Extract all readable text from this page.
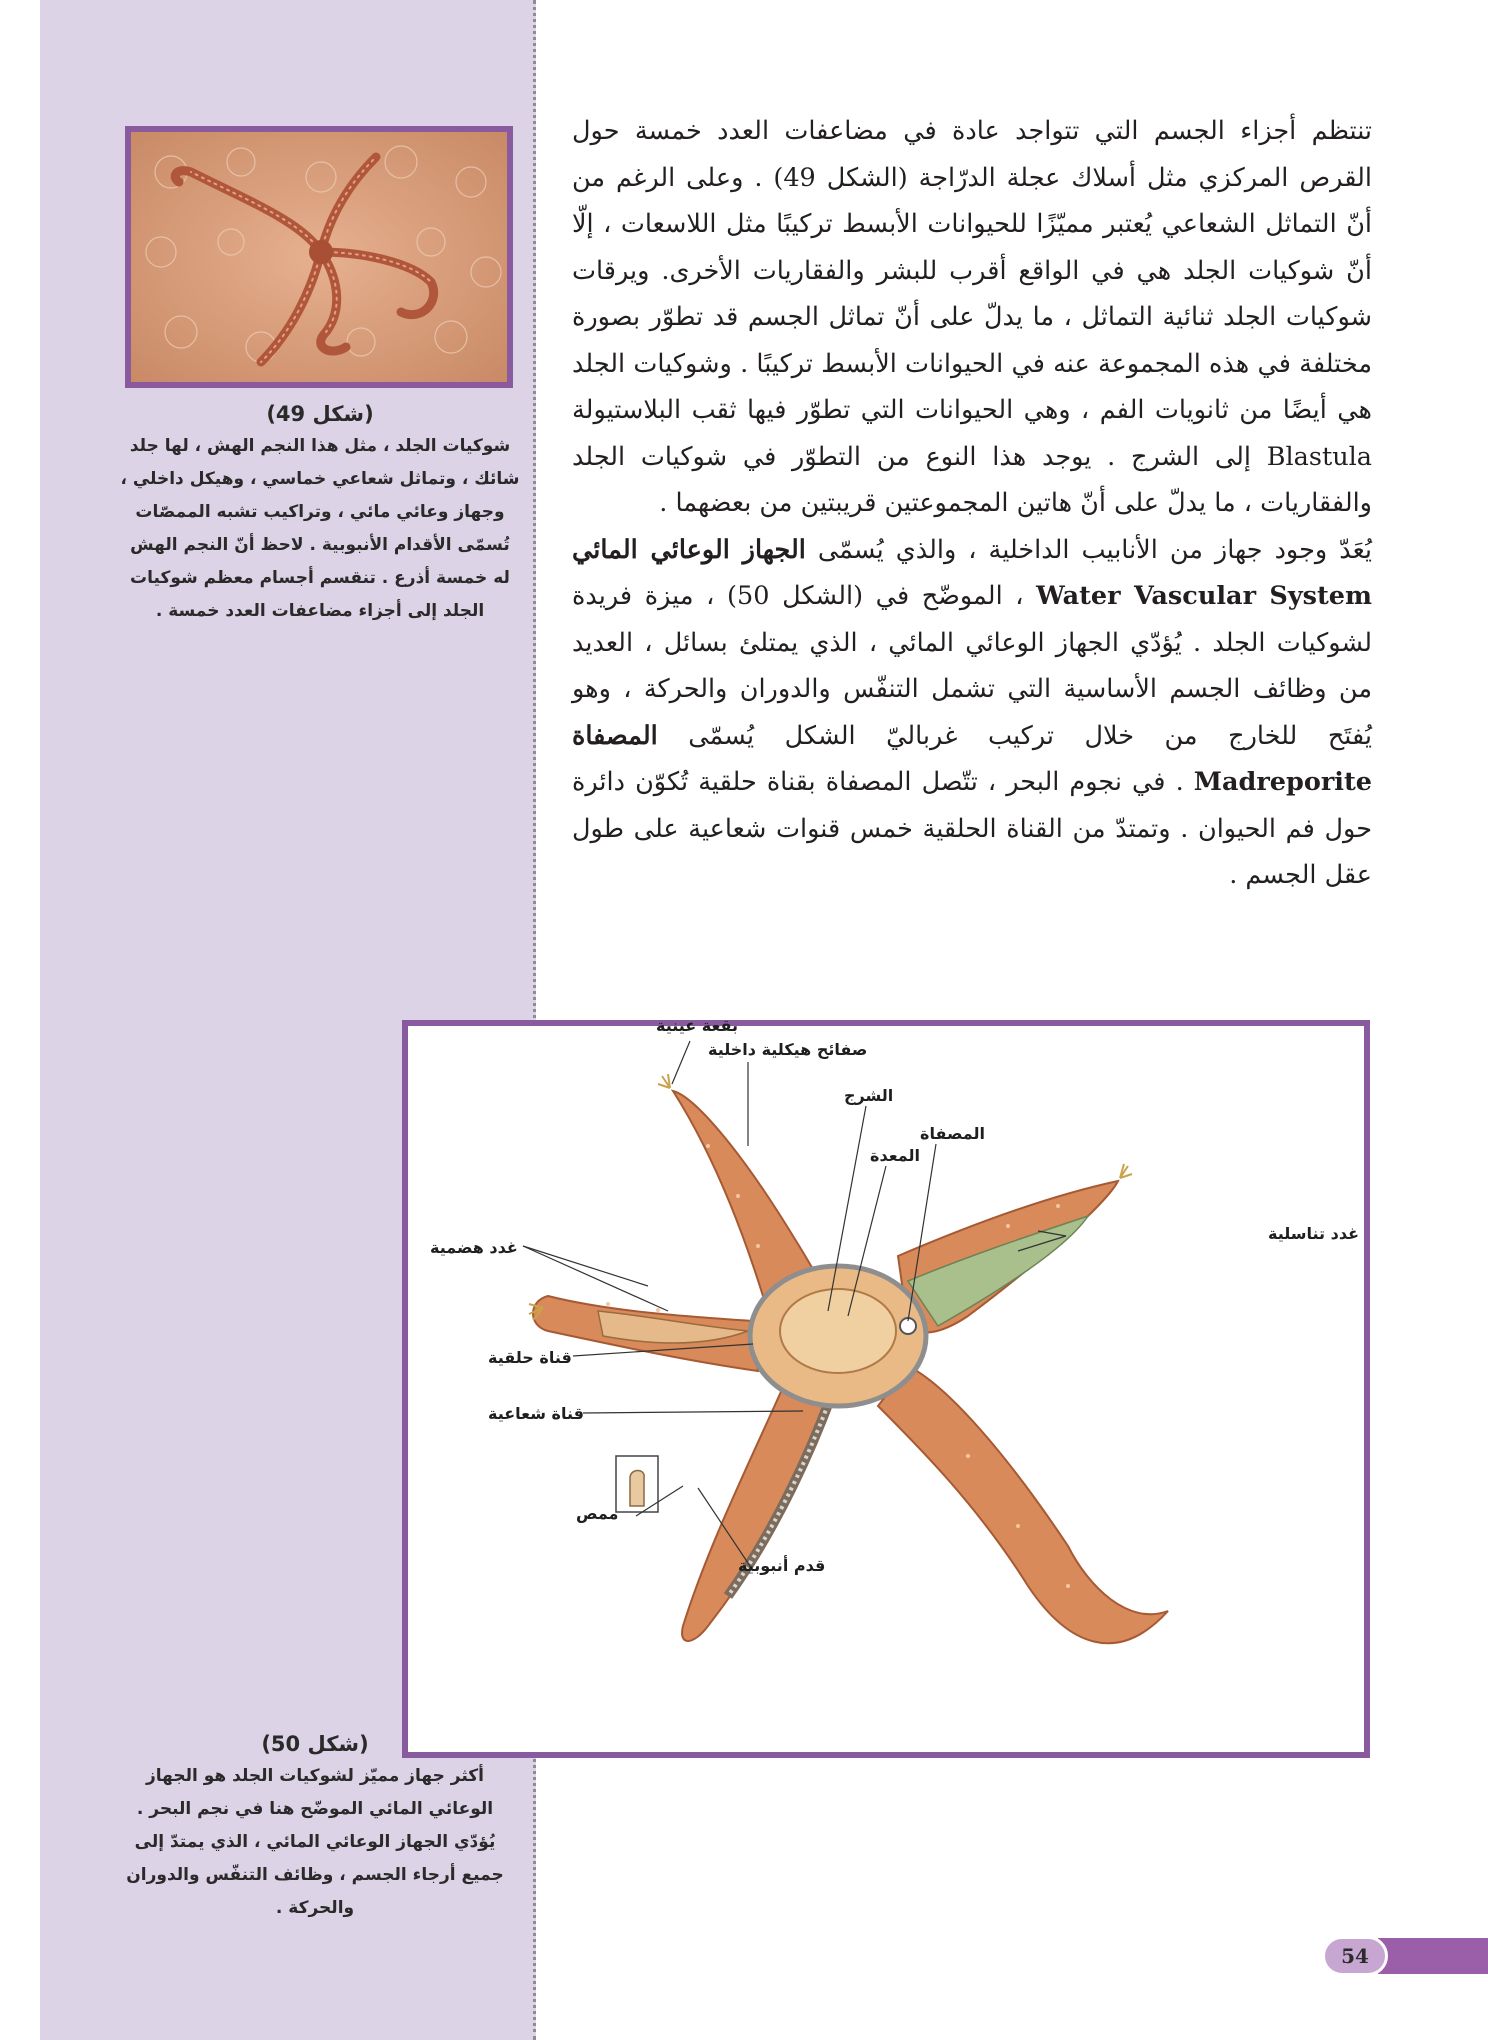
(شكل 49)
شوكيات الجلد ، مثل هذا النجم الهش ، لها جلد شائك ، وتماثل شعاعي خماسي ، وهيكل داخلي ، وجهاز وعائي مائي ، وتراكيب تشبه الممصّات تُسمّى الأقدام الأنبوبية . لاحظ أنّ النجم الهش له خمسة أذرع . تنقسم أجسام معظم شوكيات الجلد إلى أجزاء مضاعفات العدد خمسة .

تنتظم أجزاء الجسم التي تتواجد عادة في مضاعفات العدد خمسة حول القرص المركزي مثل أسلاك عجلة الدرّاجة (الشكل 49) . وعلى الرغم من أنّ التماثل الشعاعي يُعتبر مميّزًا للحيوانات الأبسط تركيبًا مثل اللاسعات ، إلّا أنّ شوكيات الجلد هي في الواقع أقرب للبشر والفقاريات الأخرى. ويرقات شوكيات الجلد ثنائية التماثل ، ما يدلّ على أنّ تماثل الجسم قد تطوّر بصورة مختلفة في هذه المجموعة عنه في الحيوانات الأبسط تركيبًا . وشوكيات الجلد هي أيضًا من ثانويات الفم ، وهي الحيوانات التي تطوّر فيها ثقب البلاستيولة Blastula إلى الشرج . يوجد هذا النوع من التطوّر في شوكيات الجلد والفقاريات ، ما يدلّ على أنّ هاتين المجموعتين قريبتين من بعضهما .

يُعَدّ وجود جهاز من الأنابيب الداخلية ، والذي يُسمّى الجهاز الوعائي المائي Water Vascular System ، الموضّح في (الشكل 50) ، ميزة فريدة لشوكيات الجلد . يُؤدّي الجهاز الوعائي المائي ، الذي يمتلئ بسائل ، العديد من وظائف الجسم الأساسية التي تشمل التنفّس والدوران والحركة ، وهو يُفتَح للخارج من خلال تركيب غرباليّ الشكل يُسمّى المصفاة Madreporite . في نجوم البحر ، تتّصل المصفاة بقناة حلقية تُكوّن دائرة حول فم الحيوان . وتمتدّ من القناة الحلقية خمس قنوات شعاعية على طول عقل الجسم .

بقعة عينية
صفائح هيكلية داخلية
الشرج
المصفاة
المعدة
غدد تناسلية
غدد هضمية
قناة حلقية
قناة شعاعية
ممص
قدم أنبوبية
(شكل 50)
أكثر جهاز مميّز لشوكيات الجلد هو الجهاز الوعائي المائي الموضّح هنا في نجم البحر . يُؤدّي الجهاز الوعائي المائي ، الذي يمتدّ إلى جميع أرجاء الجسم ، وظائف التنفّس والدوران والحركة .
54
